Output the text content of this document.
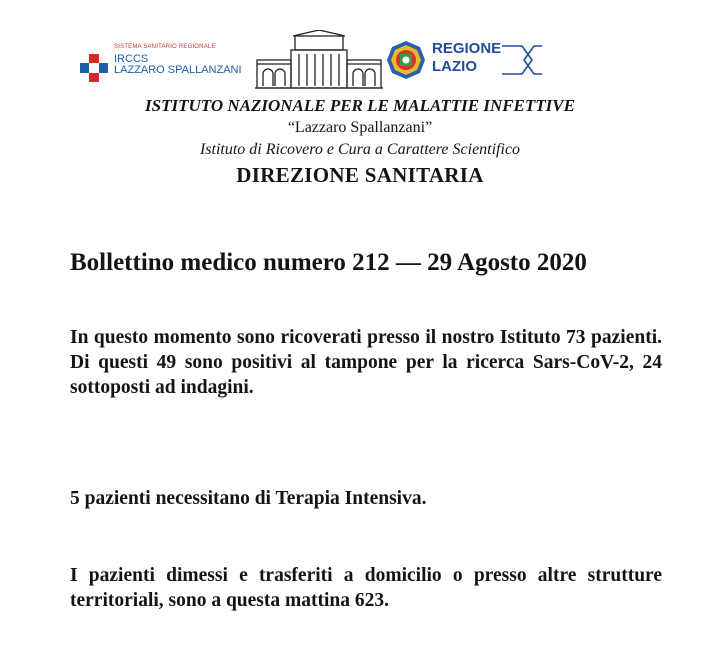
SISTEMA SANITARIO REGIONALE
IRCCS
LAZZARO SPALLANZANI
REGIONE
LAZIO
ISTITUTO NAZIONALE PER LE MALATTIE INFETTIVE
“Lazzaro Spallanzani”
Istituto di Ricovero e Cura a Carattere Scientifico
DIREZIONE SANITARIA
Bollettino medico numero 212 — 29 Agosto 2020
In questo momento sono ricoverati presso il nostro Istituto 73 pazienti. Di questi 49 sono positivi al tampone per la ricerca Sars-CoV-2, 24 sottoposti ad indagini.
5 pazienti necessitano di Terapia Intensiva.
I pazienti dimessi e trasferiti a domicilio o presso altre strutture territoriali, sono a questa mattina 623.
